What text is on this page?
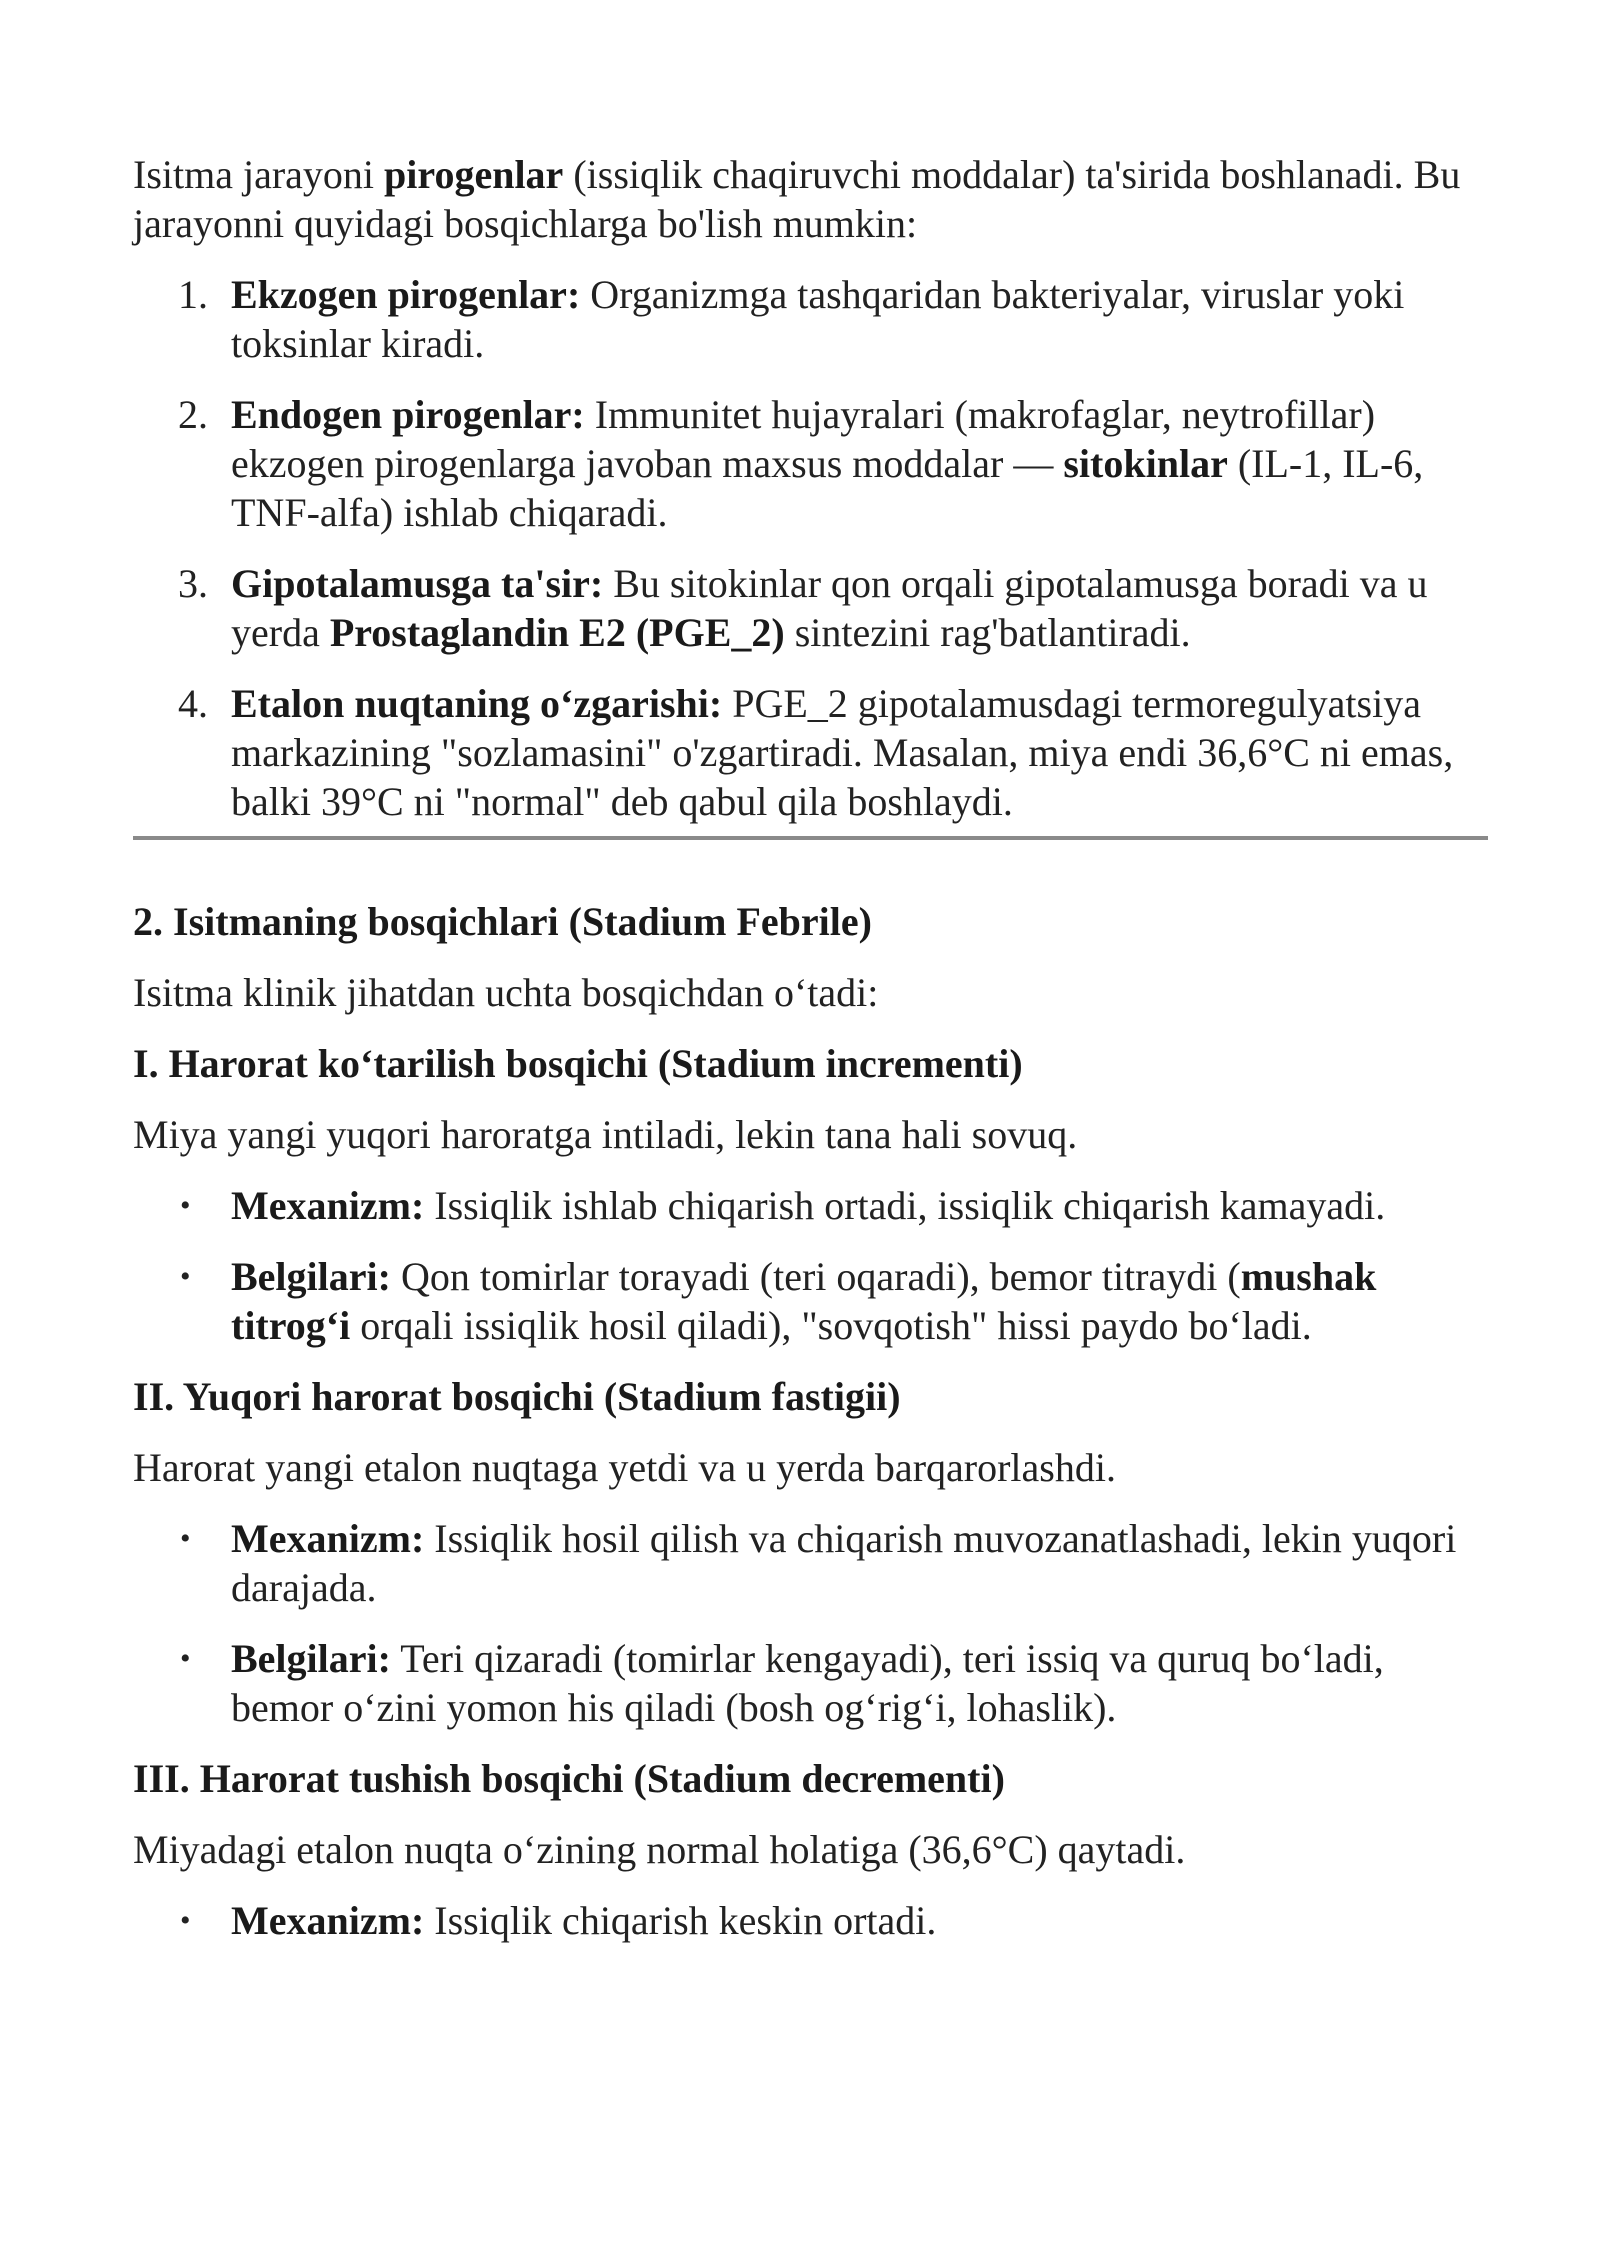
Isitma jarayoni pirogenlar (issiqlik chaqiruvchi moddalar) ta'sirida boshlanadi. Bu jarayonni quyidagi bosqichlarga bo'lish mumkin:

1. Ekzogen pirogenlar: Organizmga tashqaridan bakteriyalar, viruslar yoki toksinlar kiradi.
2. Endogen pirogenlar: Immunitet hujayralari (makrofaglar, neytrofillar) ekzogen pirogenlarga javoban maxsus moddalar — sitokinlar (IL-1, IL-6, TNF-alfa) ishlab chiqaradi.
3. Gipotalamusga ta'sir: Bu sitokinlar qon orqali gipotalamusga boradi va u yerda Prostaglandin E2 (PGE_2) sintezini rag'batlantiradi.
4. Etalon nuqtaning oʻzgarishi: PGE_2 gipotalamusdagi termoregulyatsiya markazining "sozlamasini" o'zgartiradi. Masalan, miya endi 36,6°C ni emas, balki 39°C ni "normal" deb qabul qila boshlaydi.

2. Isitmaning bosqichlari (Stadium Febrile)

Isitma klinik jihatdan uchta bosqichdan oʻtadi:

I. Harorat koʻtarilish bosqichi (Stadium incrementi)

Miya yangi yuqori haroratga intiladi, lekin tana hali sovuq.

• Mexanizm: Issiqlik ishlab chiqarish ortadi, issiqlik chiqarish kamayadi.
• Belgilari: Qon tomirlar torayadi (teri oqaradi), bemor titraydi (mushak titrogʻi orqali issiqlik hosil qiladi), "sovqotish" hissi paydo boʻladi.

II. Yuqori harorat bosqichi (Stadium fastigii)

Harorat yangi etalon nuqtaga yetdi va u yerda barqarorlashdi.

• Mexanizm: Issiqlik hosil qilish va chiqarish muvozanatlashadi, lekin yuqori darajada.
• Belgilari: Teri qizaradi (tomirlar kengayadi), teri issiq va quruq boʻladi, bemor oʻzini yomon his qiladi (bosh ogʻrigʻi, lohaslik).

III. Harorat tushish bosqichi (Stadium decrementi)

Miyadagi etalon nuqta oʻzining normal holatiga (36,6°C) qaytadi.

• Mexanizm: Issiqlik chiqarish keskin ortadi.
